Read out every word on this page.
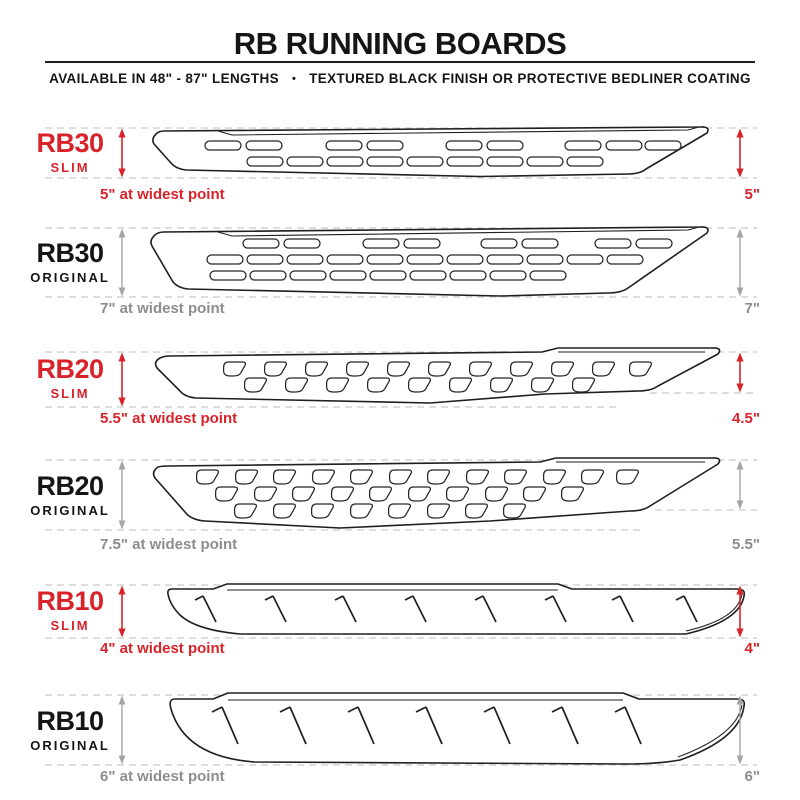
RB RUNNING BOARDS

AVAILABLE IN 48" - 87" LENGTHS • TEXTURED BLACK FINISH OR PROTECTIVE BEDLINER COATING

RB30
SLIM
5" at widest point	5"
RB30
ORIGINAL
7" at widest point	7"
RB20
SLIM
5.5" at widest point	4.5"
RB20
ORIGINAL
7.5" at widest point	5.5"
RB10
SLIM
4" at widest point	4"
RB10
ORIGINAL
6" at widest point	6"
